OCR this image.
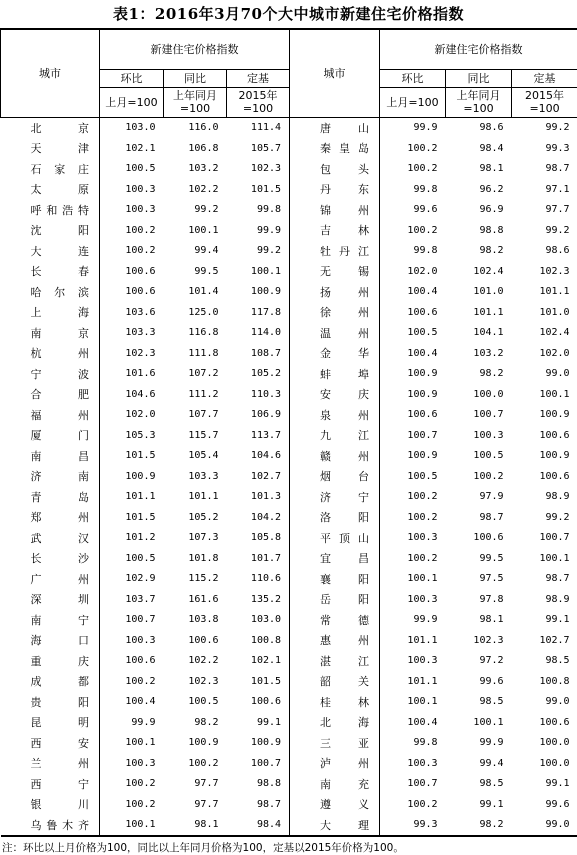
表1：2016年3月70个大中城市新建住宅价格指数
城市	新建住宅价格指数			城市	新建住宅价格指数		
	环比	同比	定基		环比	同比	定基
	上月=100	上年同月=100	2015年=100		上月=100	上年同月=100	2015年=100
北京	103.0	116.0	111.4	唐山	99.9	98.6	99.2
天津	102.1	106.8	105.7	秦皇岛	100.2	98.4	99.3
石家庄	100.5	103.2	102.3	包头	100.2	98.1	98.7
太原	100.3	102.2	101.5	丹东	99.8	96.2	97.1
呼和浩特	100.3	99.2	99.8	锦州	99.6	96.9	97.7
沈阳	100.2	100.1	99.9	吉林	100.2	98.8	99.2
大连	100.2	99.4	99.2	牡丹江	99.8	98.2	98.6
长春	100.6	99.5	100.1	无锡	102.0	102.4	102.3
哈尔滨	100.6	101.4	100.9	扬州	100.4	101.0	101.1
上海	103.6	125.0	117.8	徐州	100.6	101.1	101.0
南京	103.3	116.8	114.0	温州	100.5	104.1	102.4
杭州	102.3	111.8	108.7	金华	100.4	103.2	102.0
宁波	101.6	107.2	105.2	蚌埠	100.9	98.2	99.0
合肥	104.6	111.2	110.3	安庆	100.9	100.0	100.1
福州	102.0	107.7	106.9	泉州	100.6	100.7	100.9
厦门	105.3	115.7	113.7	九江	100.7	100.3	100.6
南昌	101.5	105.4	104.6	赣州	100.9	100.5	100.9
济南	100.9	103.3	102.7	烟台	100.5	100.2	100.6
青岛	101.1	101.1	101.3	济宁	100.2	97.9	98.9
郑州	101.5	105.2	104.2	洛阳	100.2	98.7	99.2
武汉	101.2	107.3	105.8	平顶山	100.3	100.6	100.7
长沙	100.5	101.8	101.7	宜昌	100.2	99.5	100.1
广州	102.9	115.2	110.6	襄阳	100.1	97.5	98.7
深圳	103.7	161.6	135.2	岳阳	100.3	97.8	98.9
南宁	100.7	103.8	103.0	常德	99.9	98.1	99.1
海口	100.3	100.6	100.8	惠州	101.1	102.3	102.7
重庆	100.6	102.2	102.1	湛江	100.3	97.2	98.5
成都	100.2	102.3	101.5	韶关	101.1	99.6	100.8
贵阳	100.4	100.5	100.6	桂林	100.1	98.5	99.0
昆明	99.9	98.2	99.1	北海	100.4	100.1	100.6
西安	100.1	100.9	100.9	三亚	99.8	99.9	100.0
兰州	100.3	100.2	100.7	泸州	100.3	99.4	100.0
西宁	100.2	97.7	98.8	南充	100.7	98.5	99.1
银川	100.2	97.7	98.7	遵义	100.2	99.1	99.6
乌鲁木齐	100.1	98.1	98.4	大理	99.3	98.2	99.0
注：环比以上月价格为100，同比以上年同月价格为100，定基以2015年价格为100。
